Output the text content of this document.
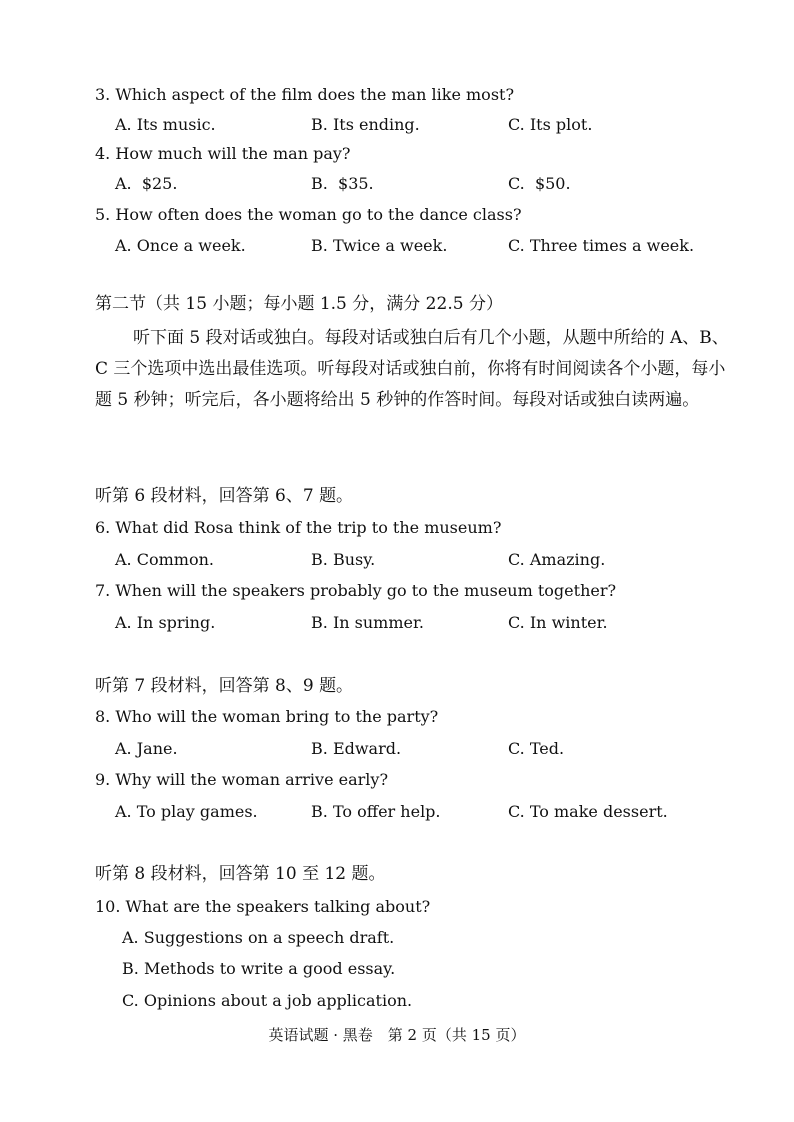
3. Which aspect of the film does the man like most?
A. Its music.	B. Its ending.	C. Its plot.
4. How much will the man pay?
A. $25.	B. $35.	C. $50.
5. How often does the woman go to the dance class?
A. Once a week.	B. Twice a week.	C. Three times a week.
第二节（共 15 小题；每小题 1.5 分，满分 22.5 分）
听下面 5 段对话或独白。每段对话或独白后有几个小题，从题中所给的 A、B、C 三个选项中选出最佳选项。听每段对话或独白前，你将有时间阅读各个小题，每小题 5 秒钟；听完后，各小题将给出 5 秒钟的作答时间。每段对话或独白读两遍。
听第 6 段材料，回答第 6、7 题。
6. What did Rosa think of the trip to the museum?
A. Common.	B. Busy.	C. Amazing.
7. When will the speakers probably go to the museum together?
A. In spring.	B. In summer.	C. In winter.
听第 7 段材料，回答第 8、9 题。
8. Who will the woman bring to the party?
A. Jane.	B. Edward.	C. Ted.
9. Why will the woman arrive early?
A. To play games.	B. To offer help.	C. To make dessert.
听第 8 段材料，回答第 10 至 12 题。
10. What are the speakers talking about?
A. Suggestions on a speech draft.
B. Methods to write a good essay.
C. Opinions about a job application.
英语试题 · 黑卷　第 2 页（共 15 页）
